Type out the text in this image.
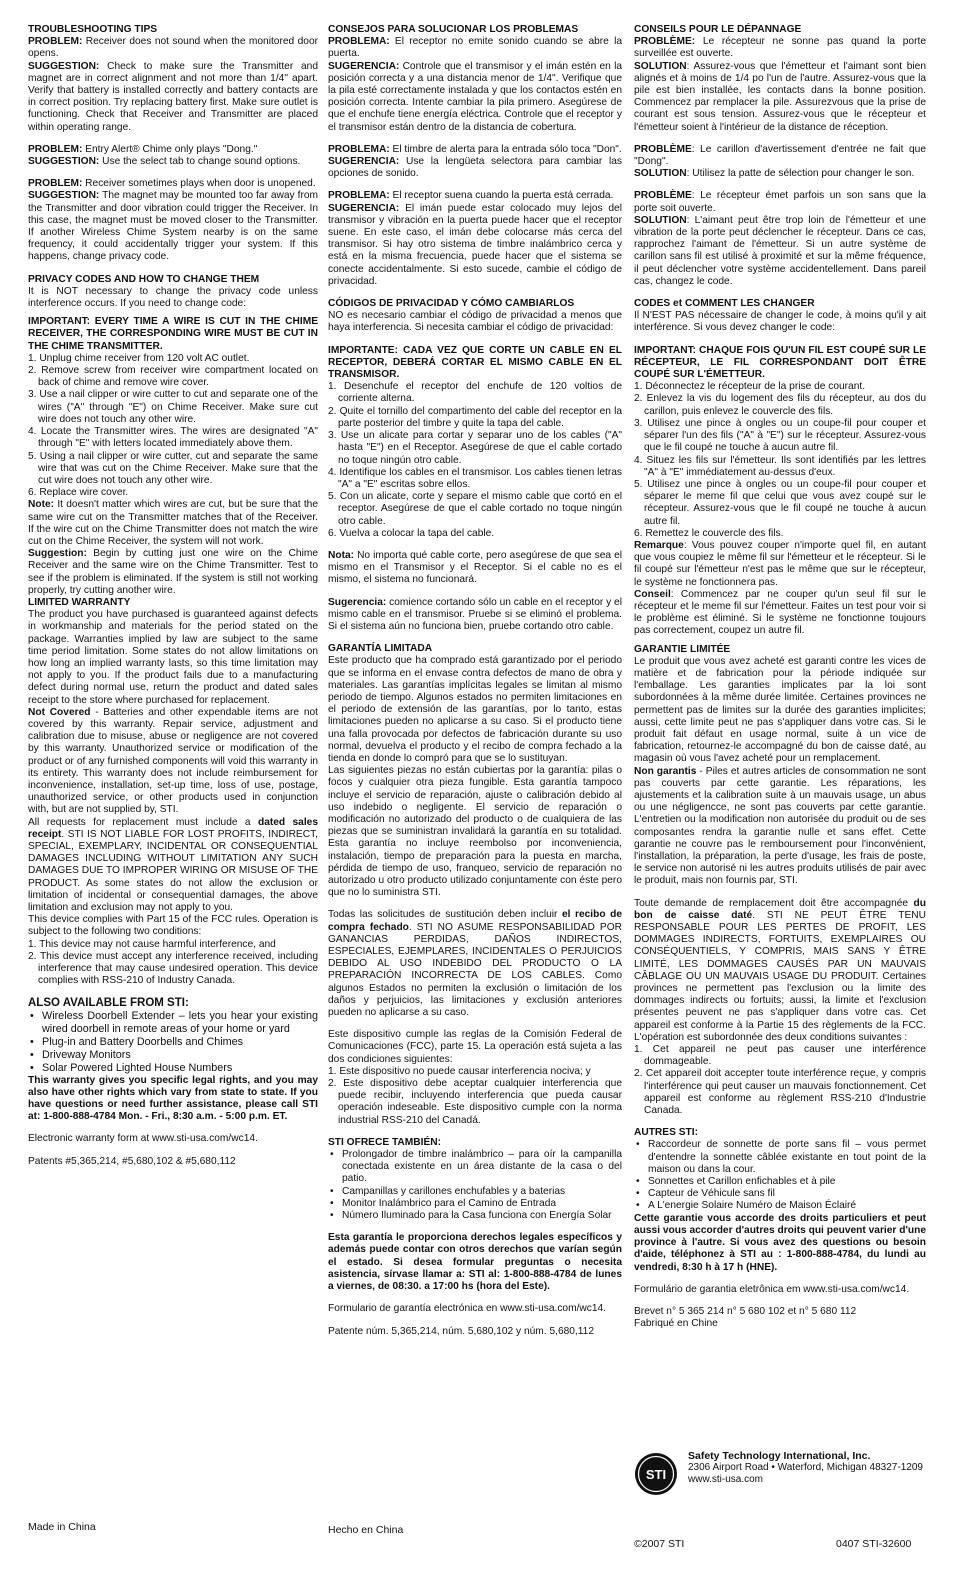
TROUBLESHOOTING TIPS

PROBLEM: Receiver does not sound when the monitored door opens.

SUGGESTION: Check to make sure the Transmitter and magnet are in correct alignment and not more than 1/4" apart. Verify that battery is installed correctly and battery contacts are in correct position. Try replacing battery first. Make sure outlet is functioning. Check that Receiver and Transmitter are placed within operating range.

PROBLEM: Entry Alert® Chime only plays "Dong."

SUGGESTION: Use the select tab to change sound options.

PROBLEM: Receiver sometimes plays when door is unopened.

SUGGESTION: The magnet may be mounted too far away from the Transmitter and door vibration could trigger the Receiver. In this case, the magnet must be moved closer to the Transmitter. If another Wireless Chime System nearby is on the same frequency, it could accidentally trigger your system. If this happens, change privacy code.

PRIVACY CODES AND HOW TO CHANGE THEM

It is NOT necessary to change the privacy code unless interference occurs. If you need to change code:

IMPORTANT: EVERY TIME A WIRE IS CUT IN THE CHIME RECEIVER, THE CORRESPONDING WIRE MUST BE CUT IN THE CHIME TRANSMITTER.

1. Unplug chime receiver from 120 volt AC outlet.
2. Remove screw from receiver wire compartment located on back of chime and remove wire cover.
3. Use a nail clipper or wire cutter to cut and separate one of the wires ("A" through "E") on Chime Receiver. Make sure cut wire does not touch any other wire.
4. Locate the Transmitter wires. The wires are designated "A" through "E" with letters located immediately above them.
5. Using a nail clipper or wire cutter, cut and separate the same wire that was cut on the Chime Receiver. Make sure that the cut wire does not touch any other wire.
6. Replace wire cover.

Note: It doesn't matter which wires are cut, but be sure that the same wire cut on the Transmitter matches that of the Receiver. If the wire cut on the Chime Transmitter does not match the wire cut on the Chime Receiver, the system will not work.

Suggestion: Begin by cutting just one wire on the Chime Receiver and the same wire on the Chime Transmitter. Test to see if the problem is eliminated. If the system is still not working properly, try cutting another wire.

LIMITED WARRANTY

The product you have purchased is guaranteed against defects in workmanship and materials for the period stated on the package. Warranties implied by law are subject to the same time period limitation. Some states do not allow limitations on how long an implied warranty lasts, so this time limitation may not apply to you. If the product fails due to a manufacturing defect during normal use, return the product and dated sales receipt to the store where purchased for replacement.

Not Covered - Batteries and other expendable items are not covered by this warranty. Repair service, adjustment and calibration due to misuse, abuse or negligence are not covered by this warranty. Unauthorized service or modification of the product or of any furnished components will void this warranty in its entirety. This warranty does not include reimbursement for inconvenience, installation, set-up time, loss of use, postage, unauthorized service, or other products used in conjunction with, but are not supplied by, STI.

All requests for replacement must include a dated sales receipt. STI IS NOT LIABLE FOR LOST PROFITS, INDIRECT, SPECIAL, EXEMPLARY, INCIDENTAL OR CONSEQUENTIAL DAMAGES INCLUDING WITHOUT LIMITATION ANY SUCH DAMAGES DUE TO IMPROPER WIRING OR MISUSE OF THE PRODUCT. As some states do not allow the exclusion or limitation of incidental or consequential damages, the above limitation and exclusion may not apply to you.

This device complies with Part 15 of the FCC rules. Operation is subject to the following two conditions:

1. This device may not cause harmful interference, and
2. This device must accept any interference received, including interference that may cause undesired operation. This device complies with RSS-210 of Industry Canada.

ALSO AVAILABLE FROM STI:

• Wireless Doorbell Extender – lets you hear your existing wired doorbell in remote areas of your home or yard
• Plug-in and Battery Doorbells and Chimes
• Driveway Monitors
• Solar Powered Lighted House Numbers

This warranty gives you specific legal rights, and you may also have other rights which vary from state to state. If you have questions or need further assistance, please call STI at: 1-800-888-4784 Mon. - Fri., 8:30 a.m. - 5:00 p.m. ET.

Electronic warranty form at www.sti-usa.com/wc14.

Patents #5,365,214, #5,680,102 & #5,680,112

Made in China

CONSEJOS PARA SOLUCIONAR LOS PROBLEMAS

PROBLEMA: El receptor no emite sonido cuando se abre la puerta.

SUGERENCIA: Controle que el transmisor y el imán estén en la posición correcta y a una distancia menor de 1/4". Verifique que la pila esté correctamente instalada y que los contactos estén en posición correcta. Intente cambiar la pila primero. Asegúrese de que el enchufe tiene energía eléctrica. Controle que el receptor y el transmisor están dentro de la distancia de cobertura.

PROBLEMA: El timbre de alerta para la entrada sólo toca "Don".

SUGERENCIA: Use la lengüeta selectora para cambiar las opciones de sonido.

PROBLEMA: El receptor suena cuando la puerta está cerrada.

SUGERENCIA: El imán puede estar colocado muy lejos del transmisor y vibración en la puerta puede hacer que el receptor suene. En este caso, el imán debe colocarse más cerca del transmisor. Si hay otro sistema de timbre inalámbrico cerca y está en la misma frecuencia, puede hacer que el sistema se conecte accidentalmente. Si esto sucede, cambie el código de privacidad.

CÓDIGOS DE PRIVACIDAD Y CÓMO CAMBIARLOS

NO es necesario cambiar el código de privacidad a menos que haya interferencia. Si necesita cambiar el código de privacidad:

IMPORTANTE: CADA VEZ QUE CORTE UN CABLE EN EL RECEPTOR, DEBERÁ CORTAR EL MISMO CABLE EN EL TRANSMISOR.

1. Desenchufe el receptor del enchufe de 120 voltios de corriente alterna.
2. Quite el tornillo del compartimento del cable del receptor en la parte posterior del timbre y quite la tapa del cable.
3. Use un alicate para cortar y separar uno de los cables ("A" hasta "E") en el Receptor. Asegúrese de que el cable cortado no toque ningún otro cable.
4. Identifique los cables en el transmisor. Los cables tienen letras "A" a "E" escritas sobre ellos.
5. Con un alicate, corte y separe el mismo cable que cortó en el receptor. Asegúrese de que el cable cortado no toque ningún otro cable.
6. Vuelva a colocar la tapa del cable.

Nota: No importa qué cable corte, pero asegúrese de que sea el mismo en el Transmisor y el Receptor. Si el cable no es el mismo, el sistema no funcionará.

Sugerencia: comience cortando sólo un cable en el receptor y el mismo cable en el transmisor. Pruebe si se eliminó el problema. Si el sistema aún no funciona bien, pruebe cortando otro cable.

GARANTÍA LIMITADA

Este producto que ha comprado está garantizado por el periodo que se informa en el envase contra defectos de mano de obra y materiales. Las garantías implícitas legales se limitan al mismo periodo de tiempo. Algunos estados no permiten limitaciones en el periodo de extensión de las garantías, por lo tanto, estas limitaciones pueden no aplicarse a su caso. Si el producto tiene una falla provocada por defectos de fabricación durante su uso normal, devuelva el producto y el recibo de compra fechado a la tienda en donde lo compró para que se lo sustituyan.

Las siguientes piezas no están cubiertas por la garantía: pilas o focos y cualquier otra pieza fungible. Esta garantía tampoco incluye el servicio de reparación, ajuste o calibración debido al uso indebido o negligente. El servicio de reparación o modificación no autorizado del producto o de cualquiera de las piezas que se suministran invalidará la garantía en su totalidad. Esta garantía no incluye reembolso por inconveniencia, instalación, tiempo de preparación para la puesta en marcha, pérdida de tiempo de uso, franqueo, servicio de reparación no autorizado u otro producto utilizado conjuntamente con éste pero que no lo suministra STI.

Todas las solicitudes de sustitución deben incluir el recibo de compra fechado. STI NO ASUME RESPONSABILIDAD POR GANANCIAS PERDIDAS, DAÑOS INDIRECTOS, ESPECIALES, EJEMPLARES, INCIDENTALES O PERJUICIOS DEBIDO AL USO INDEBIDO DEL PRODUCTO O LA PREPARACIÓN INCORRECTA DE LOS CABLES. Como algunos Estados no permiten la exclusión o limitación de los daños y perjuicios, las limitaciones y exclusión anteriores pueden no aplicarse a su caso.

Este dispositivo cumple las reglas de la Comisión Federal de Comunicaciones (FCC), parte 15. La operación está sujeta a las dos condiciones siguientes:

1. Este dispositivo no puede causar interferencia nociva; y
2. Este dispositivo debe aceptar cualquier interferencia que puede recibir, incluyendo interferencia que pueda causar operación indeseable. Este dispositivo cumple con la norma industrial RSS-210 del Canadá.

STI OFRECE TAMBIÉN:

• Prolongador de timbre inalámbrico – para oír la campanilla conectada existente en un área distante de la casa o del patio.
• Campanillas y carillones enchufables y a baterias
• Monitor Inalámbrico para el Camino de Entrada
• Número Iluminado para la Casa funciona con Energía Solar

Esta garantía le proporciona derechos legales específicos y además puede contar con otros derechos que varían según el estado. Si desea formular preguntas o necesita asistencia, sírvase llamar a: STI al: 1-800-888-4784 de lunes a viernes, de 08:30. a 17:00 hs (hora del Este).

Formulario de garantía electrónica en www.sti-usa.com/wc14.

Patente núm. 5,365,214, núm. 5,680,102 y núm. 5,680,112

Hecho en China

CONSEILS POUR LE DÉPANNAGE

PROBLÈME: Le récepteur ne sonne pas quand la porte surveillée est ouverte.

SOLUTION: Assurez-vous que l'émetteur et l'aimant sont bien alignés et à moins de 1/4 po l'un de l'autre. Assurez-vous que la pile est bien installée, les contacts dans la bonne position. Commencez par remplacer la pile. Assurezvous que la prise de courant est sous tension. Assurez-vous que le récepteur et l'émetteur soient à l'intérieur de la distance de réception.

PROBLÈME: Le carillon d'avertissement d'entrée ne fait que "Dong".

SOLUTION: Utilisez la patte de sélection pour changer le son.

PROBLÈME: Le récepteur émet parfois un son sans que la porte soit ouverte.

SOLUTION: L'aimant peut être trop loin de l'émetteur et une vibration de la porte peut déclencher le récepteur. Dans ce cas, rapprochez l'aimant de l'émetteur. Si un autre système de carillon sans fil est utilisé à proximité et sur la même fréquence, il peut déclencher votre système accidentellement. Dans pareil cas, changez le code.

CODES et COMMENT LES CHANGER

Il N'EST PAS nécessaire de changer le code, à moins qu'il y ait interférence. Si vous devez changer le code:

IMPORTANT: CHAQUE FOIS QU'UN FIL EST COUPÉ SUR LE RÉCEPTEUR, LE FIL CORRESPONDANT DOIT ÊTRE COUPÉ SUR L'ÉMETTEUR.

1. Déconnectez le récepteur de la prise de courant.
2. Enlevez la vis du logement des fils du récepteur, au dos du carillon, puis enlevez le couvercle des fils.
3. Utilisez une pince à ongles ou un coupe-fil pour couper et séparer l'un des fils ("A" à "E") sur le récepteur. Assurez-vous que le fil coupé ne touche à aucun autre fil.
4. Situez les fils sur l'émetteur. Ils sont identifiés par les lettres "A" à "E" immédiatement au-dessus d'eux.
5. Utilisez une pince à ongles ou un coupe-fil pour couper et séparer le meme fil que celui que vous avez coupé sur le récepteur. Assurez-vous que le fil coupé ne touche à aucun autre fil.
6. Remettez le couvercle des fils.

Remarque: Vous pouvez couper n'importe quel fil, en autant que vous coupiez le même fil sur l'émetteur et le récepteur. Si le fil coupé sur l'émetteur n'est pas le même que sur le récepteur, le système ne fonctionnera pas.

Conseil: Commencez par ne couper qu'un seul fil sur le récepteur et le meme fil sur l'émetteur. Faites un test pour voir si le problème est éliminé. Si le système ne fonctionne toujours pas correctement, coupez un autre fil.

GARANTIE LIMITÉE

Le produit que vous avez acheté est garanti contre les vices de matière et de fabrication pour la période indiquée sur l'emballage. Les garanties implicates par la loi sont subordonnées à la même durée limitée. Certaines provinces ne permettent pas de limites sur la durée des garanties implicites; aussi, cette limite peut ne pas s'appliquer dans votre cas. Si le produit fait défaut en usage normal, suite à un vice de fabrication, retournez-le accompagné du bon de caisse daté, au magasin où vous l'avez acheté pour un remplacement.

Non garantis - Piles et autres articles de consommation ne sont pas couverts par cette garantie. Les réparations, les ajustements et la calibration suite à un mauvais usage, un abus ou une négligencce, ne sont pas couverts par cette garantie. L'entretien ou la modification non autorisée du produit ou de ses composantes rendra la garantie nulle et sans effet. Cette garantie ne couvre pas le remboursement pour l'inconvénient, l'installation, la préparation, la perte d'usage, les frais de poste, le service non autorisé ni les autres produits utilisés de pair avec le produit, mais non fournis par, STI.

Toute demande de remplacement doit être accompagnée du bon de caisse daté. STI NE PEUT ÊTRE TENU RESPONSABLE POUR LES PERTES DE PROFIT, LES DOMMAGES INDIRECTS, FORTUITS, EXEMPLAIRES OU CONSÉQUENTIELS, Y COMPRIS, MAIS SANS Y ÊTRE LIMITÉ, LES DOMMAGES CAUSÉS PAR UN MAUVAIS CÂBLAGE OU UN MAUVAIS USAGE DU PRODUIT. Certaines provinces ne permettent pas l'exclusion ou la limite des dommages indirects ou fortuits; aussi, la limite et l'exclusion présentes peuvent ne pas s'appliquer dans votre cas. Cet appareil est conforme à la Partie 15 des règlements de la FCC. L'opération est subordonnée des deux conditions suivantes :

1. Cet appareil ne peut pas causer une interférence dommageable.
2. Cet appareil doit accepter toute interférence reçue, y compris l'interférence qui peut causer un mauvais fonctionnement. Cet appareil est conforme au règlement RSS-210 d'Industrie Canada.

AUTRES STI:

• Raccordeur de sonnette de porte sans fil – vous permet d'entendre la sonnette câblée existante en tout point de la maison ou dans la cour.
• Sonnettes et Carillon enfichables et à pile
• Capteur de Véhicule sans fil
• A L'energie Solaire Numéro de Maison Éclairé

Cette garantie vous accorde des droits particuliers et peut aussi vous accorder d'autres droits qui peuvent varier d'une province à l'autre. Si vous avez des questions ou besoin d'aide, téléphonez à STI au : 1-800-888-4784, du lundi au vendredi, 8:30 h à 17 h (HNE).

Formulário de garantia eletrônica em www.sti-usa.com/wc14.

Brevet n° 5 365 214 n° 5 680 102 et n° 5 680 112

Fabriqué en Chine

STI
Safety Technology International, Inc.
2306 Airport Road • Waterford, Michigan 48327-1209
www.sti-usa.com

©2007 STI	0407 STI-32600
